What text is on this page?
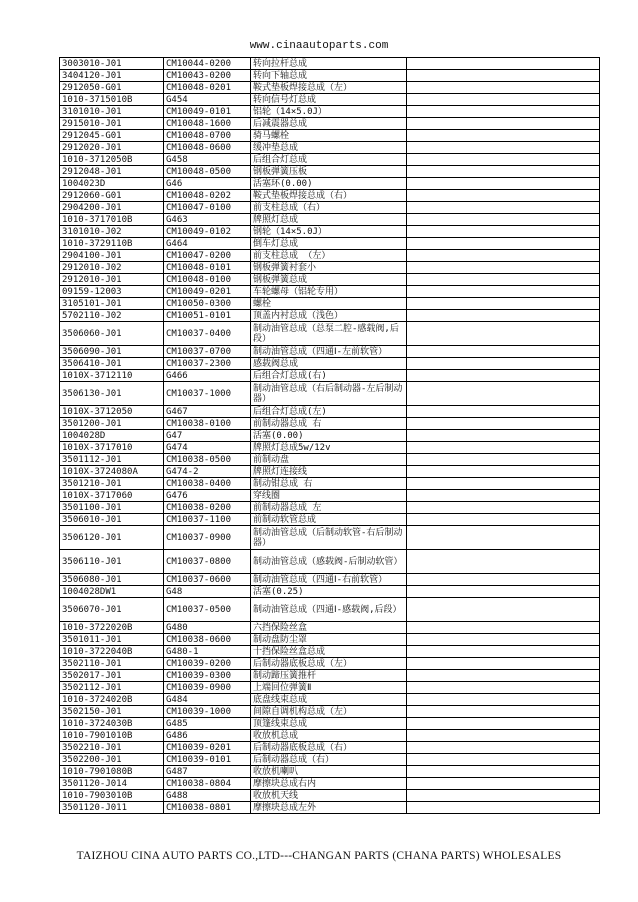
www.cinaautoparts.com
3003010-J01	CM10044-0200	转向拉杆总成	
3404120-J01	CM10043-0200	转向下轴总成	
2912050-G01	CM10048-0201	鞍式垫板焊接总成（左）	
1010-3715010B	G454	转向信号灯总成	
3101010-J01	CM10049-0101	铝轮（14×5.0J）	
2915010-J01	CM10048-1600	后减震器总成	
2912045-G01	CM10048-0700	骑马螺栓	
2912020-J01	CM10048-0600	缓冲垫总成	
1010-3712050B	G458	后组合灯总成	
2912048-J01	CM10048-0500	钢板弹簧压板	
1004023D	G46	活塞环(0.00)	
2912060-G01	CM10048-0202	鞍式垫板焊接总成（右）	
2904200-J01	CM10047-0100	前支柱总成（右）	
1010-3717010B	G463	牌照灯总成	
3101010-J02	CM10049-0102	钢轮（14×5.0J）	
1010-3729110B	G464	倒车灯总成	
2904100-J01	CM10047-0200	前支柱总成 （左）	
2912010-J02	CM10048-0101	钢板弹簧衬套小	
2912010-J01	CM10048-0100	钢板弹簧总成	
09159-12003	CM10049-0201	车轮螺母（铝轮专用）	
3105101-J01	CM10050-0300	螺栓	
5702110-J02	CM10051-0101	顶盖内衬总成（浅色）	
3506060-J01	CM10037-0400	制动油管总成（总泵二腔-感载阀,后段）	
3506090-J01	CM10037-0700	制动油管总成（四通Ⅰ-左前软管）	
3506410-J01	CM10037-2300	感载阀总成	
1010X-3712110	G466	后组合灯总成(右)	
3506130-J01	CM10037-1000	制动油管总成（右后制动器-左后制动器）	
1010X-3712050	G467	后组合灯总成(左)	
3501200-J01	CM10038-0100	前制动器总成 右	
1004028D	G47	活塞(0.00)	
1010X-3717010	G474	牌照灯总成5w/12v	
3501112-J01	CM10038-0500	前制动盘	
1010X-3724080A	G474-2	牌照灯连接线	
3501210-J01	CM10038-0400	制动钳总成 右	
1010X-3717060	G476	穿线圈	
3501100-J01	CM10038-0200	前制动器总成 左	
3506010-J01	CM10037-1100	前制动软管总成	
3506120-J01	CM10037-0900	制动油管总成（后制动软管-右后制动器）	
3506110-J01	CM10037-0800	制动油管总成（感载阀-后制动软管）	
3506080-J01	CM10037-0600	制动油管总成（四通Ⅰ-右前软管）	
1004028DW1	G48	活塞(0.25)	
3506070-J01	CM10037-0500	制动油管总成（四通Ⅰ-感载阀,后段）	
1010-3722020B	G480	六挡保险丝盒	
3501011-J01	CM10038-0600	制动盘防尘罩	
1010-3722040B	G480-1	十挡保险丝盒总成	
3502110-J01	CM10039-0200	后制动器底板总成（左）	
3502017-J01	CM10039-0300	制动蹄压簧推杆	
3502112-J01	CM10039-0900	上端回位弹簧Ⅱ	
1010-3724020B	G484	底盘线束总成	
3502150-J01	CM10039-1000	间隙自调机构总成（左）	
1010-3724030B	G485	顶篷线束总成	
1010-7901010B	G486	收放机总成	
3502210-J01	CM10039-0201	后制动器底板总成（右）	
3502200-J01	CM10039-0101	后制动器总成（右）	
1010-7901080B	G487	收放机喇叭	
3501120-J014	CM10038-0804	摩擦块总成右内	
1010-7903010B	G488	收放机天线	
3501120-J011	CM10038-0801	摩擦块总成左外	
TAIZHOU CINA AUTO PARTS CO.,LTD---CHANGAN PARTS (CHANA PARTS) WHOLESALES
